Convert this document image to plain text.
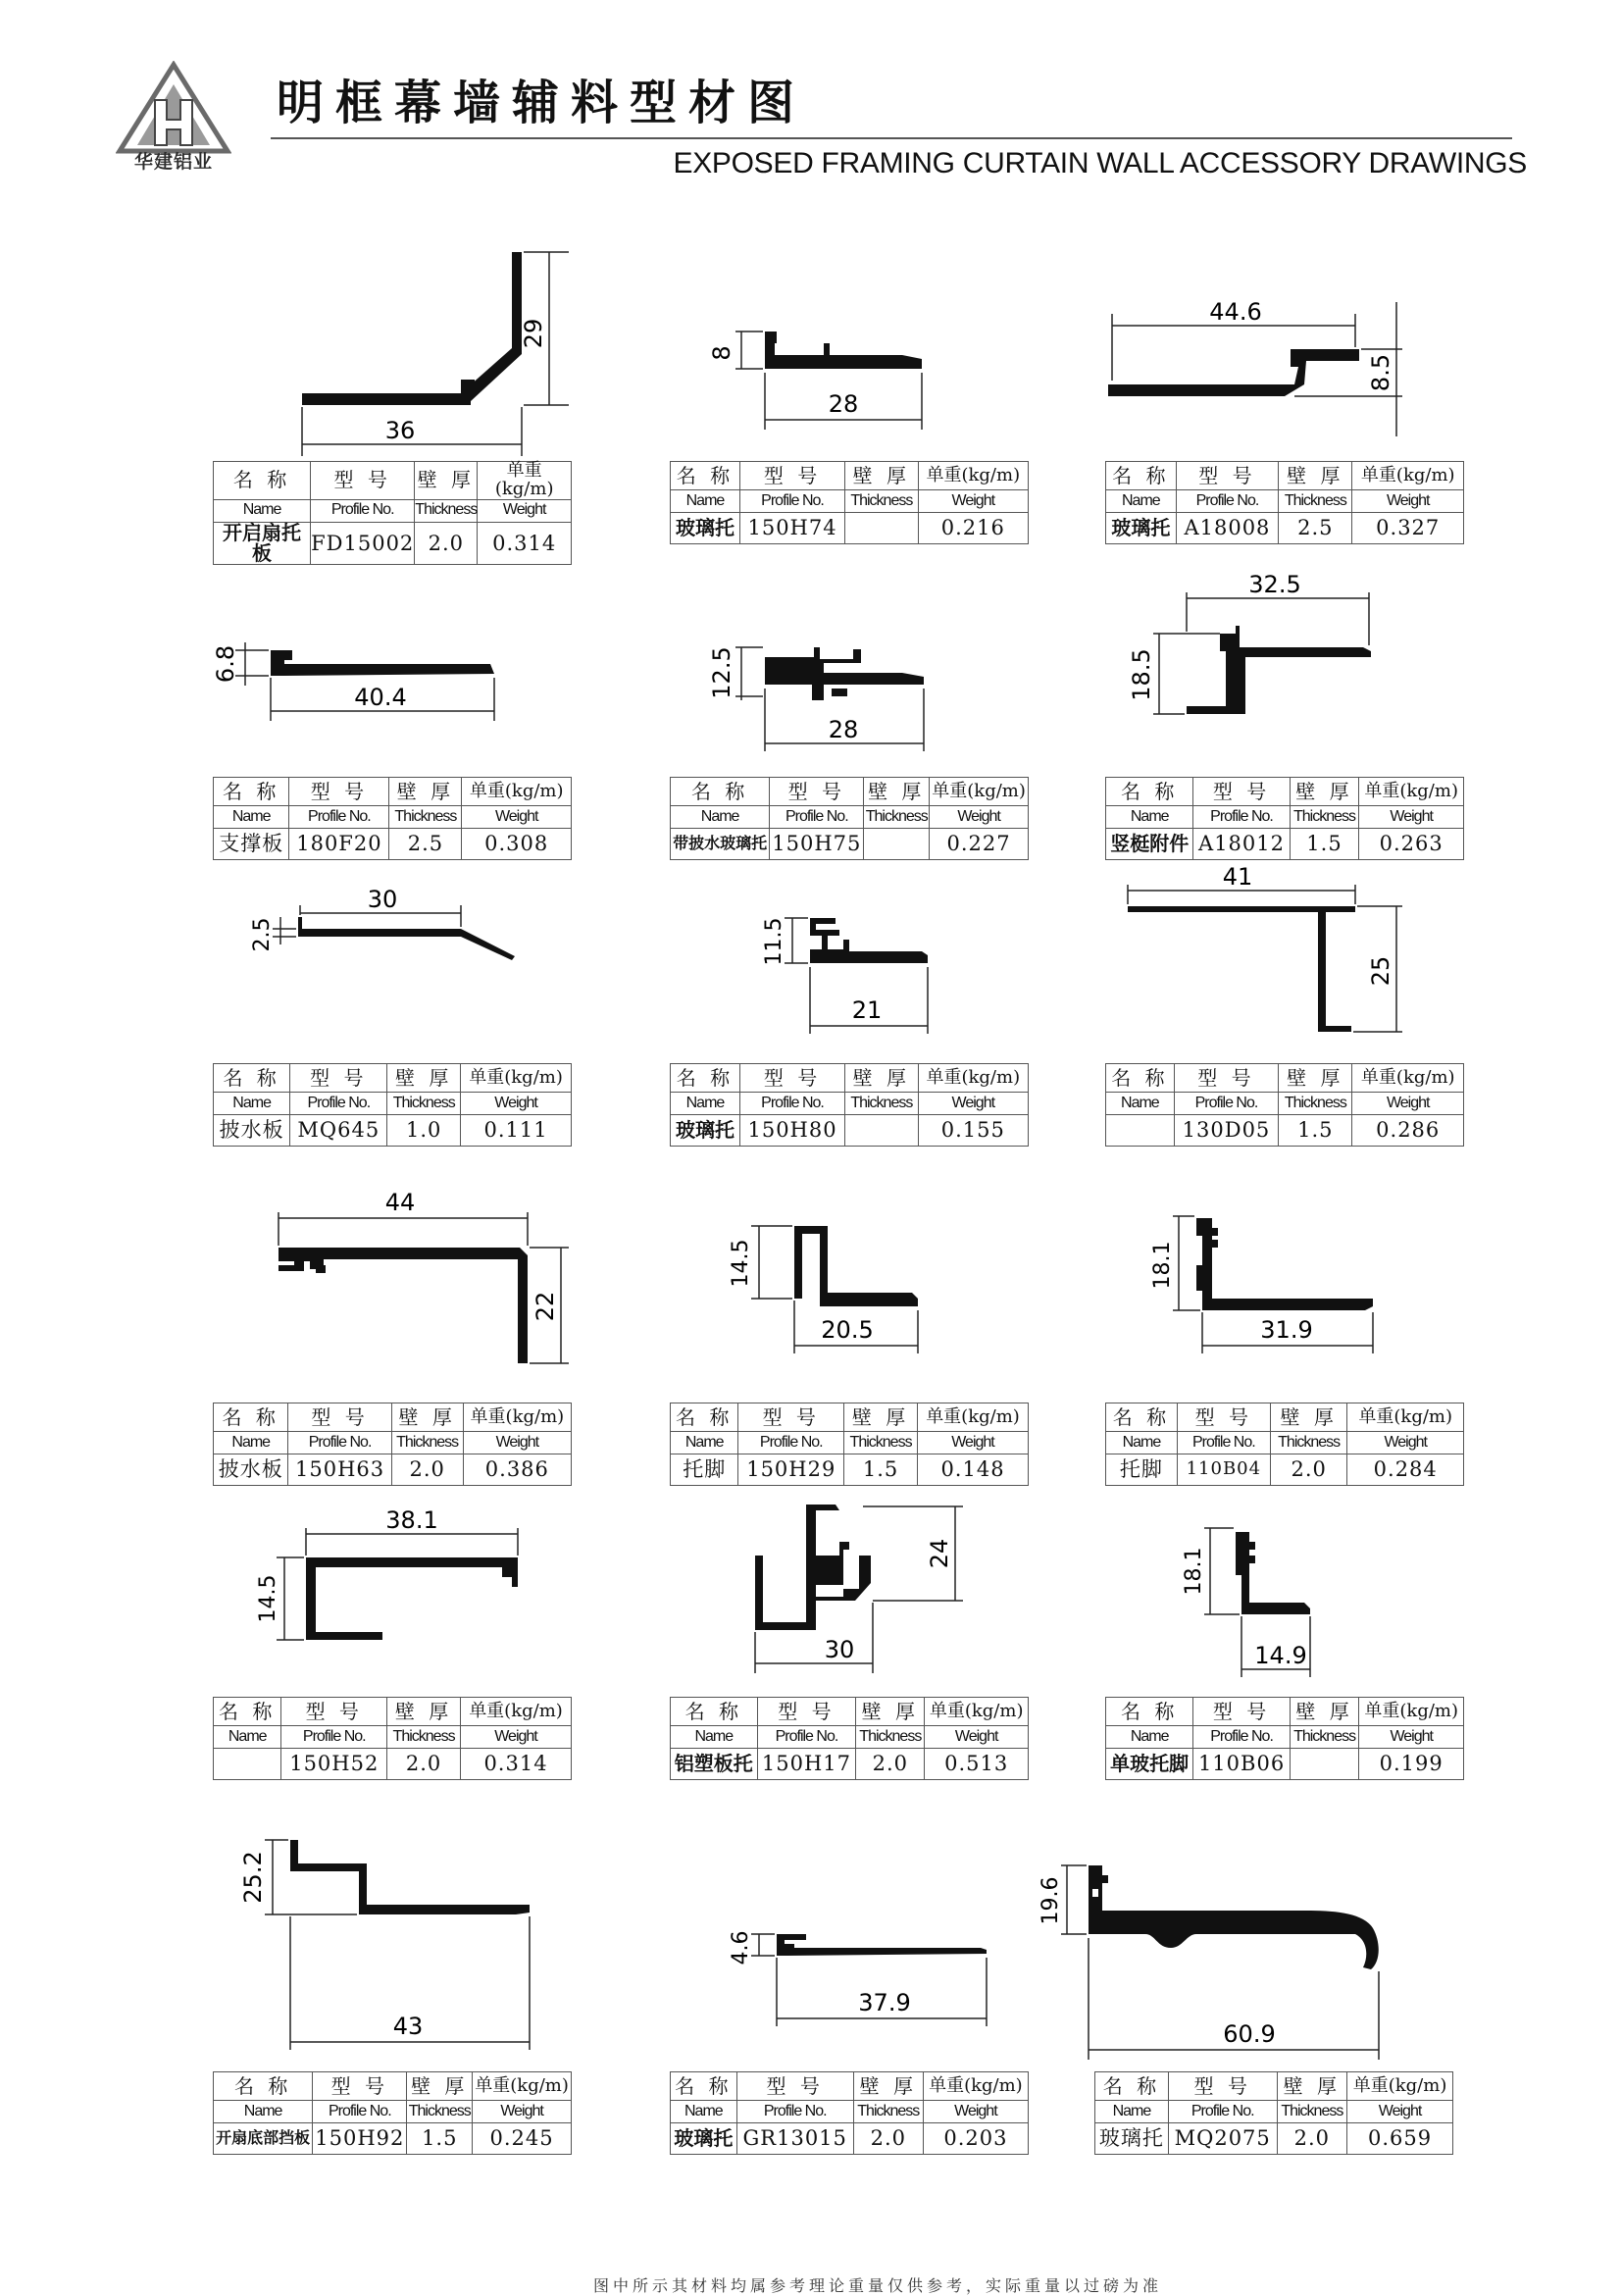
华建铝业
明框幕墙辅料型材图
EXPOSED FRAMING CURTAIN WALL ACCESSORY DRAWINGS
36
29
8
28
44.6
8.5
6.8
40.4	12.5
28
32.5
18.5
30
2.5	11.5
21
41
25
44
22
14.5
20.5
18.1
31.9
38.1
14.5
24
30
18.1
14.9
25.2
43
4.6
37.9
19.6
60.9
名 称	型 号	壁 厚	单重(kg/m)
Name	Profile No.	Thickness	Weight
开启扇托板	FD15002	2.0	0.314
名 称	型 号	壁 厚	单重(kg/m)
Name	Profile No.	Thickness	Weight
玻璃托	150H74		0.216
名 称	型 号	壁 厚	单重(kg/m)
Name	Profile No.	Thickness	Weight
玻璃托	A18008	2.5	0.327
名 称	型 号	壁 厚	单重(kg/m)
Name	Profile No.	Thickness	Weight
支撑板	180F20	2.5	0.308
名 称	型 号	壁 厚	单重(kg/m)
Name	Profile No.	Thickness	Weight
带披水玻璃托	150H75		0.227
名 称	型 号	壁 厚	单重(kg/m)
Name	Profile No.	Thickness	Weight
竖梃附件	A18012	1.5	0.263
名 称	型 号	壁 厚	单重(kg/m)
Name	Profile No.	Thickness	Weight
披水板	MQ645	1.0	0.111
名 称	型 号	壁 厚	单重(kg/m)
Name	Profile No.	Thickness	Weight
玻璃托	150H80		0.155
名 称	型 号	壁 厚	单重(kg/m)
Name	Profile No.	Thickness	Weight
	130D05	1.5	0.286
名 称	型 号	壁 厚	单重(kg/m)
Name	Profile No.	Thickness	Weight
披水板	150H63	2.0	0.386
名 称	型 号	壁 厚	单重(kg/m)
Name	Profile No.	Thickness	Weight
托脚	150H29	1.5	0.148
名 称	型 号	壁 厚	单重(kg/m)
Name	Profile No.	Thickness	Weight
托脚	110B04	2.0	0.284
名 称	型 号	壁 厚	单重(kg/m)
Name	Profile No.	Thickness	Weight
	150H52	2.0	0.314
名 称	型 号	壁 厚	单重(kg/m)
Name	Profile No.	Thickness	Weight
铝塑板托	150H17	2.0	0.513
名 称	型 号	壁 厚	单重(kg/m)
Name	Profile No.	Thickness	Weight
单玻托脚	110B06		0.199
名 称	型 号	壁 厚	单重(kg/m)
Name	Profile No.	Thickness	Weight
开扇底部挡板	150H92	1.5	0.245
名 称	型 号	壁 厚	单重(kg/m)
Name	Profile No.	Thickness	Weight
玻璃托	GR13015	2.0	0.203
名 称	型 号	壁 厚	单重(kg/m)
Name	Profile No.	Thickness	Weight
玻璃托	MQ2075	2.0	0.659
图中所示其材料均属参考理论重量仅供参考，实际重量以过磅为准
